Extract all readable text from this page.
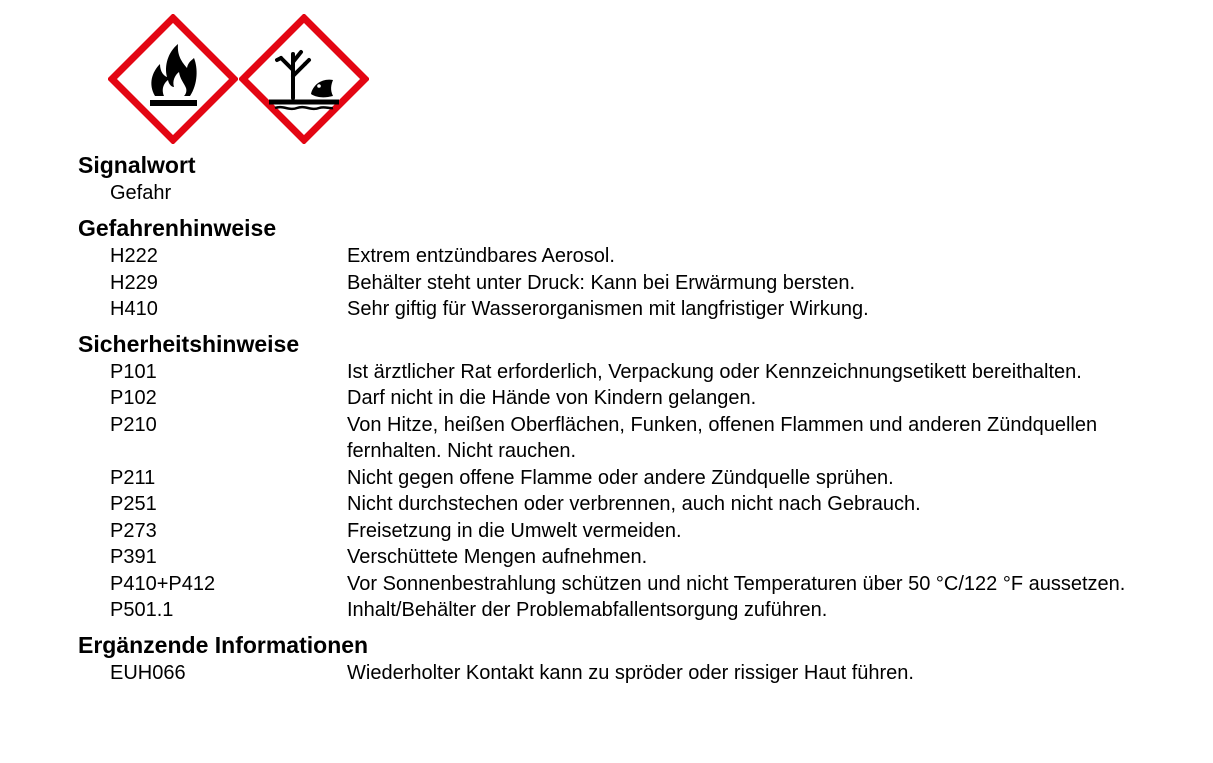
Signalwort
Gefahr
Gefahrenhinweise
H222	Extrem entzündbares Aerosol.
H229	Behälter steht unter Druck: Kann bei Erwärmung bersten.
H410	Sehr giftig für Wasserorganismen mit langfristiger Wirkung.
Sicherheitshinweise
P101	Ist ärztlicher Rat erforderlich, Verpackung oder Kennzeichnungsetikett bereithalten.
P102	Darf nicht in die Hände von Kindern gelangen.
P210	Von Hitze, heißen Oberflächen, Funken, offenen Flammen und anderen Zündquellen fernhalten. Nicht rauchen.
P211	Nicht gegen offene Flamme oder andere Zündquelle sprühen.
P251	Nicht durchstechen oder verbrennen, auch nicht nach Gebrauch.
P273	Freisetzung in die Umwelt vermeiden.
P391	Verschüttete Mengen aufnehmen.
P410+P412	Vor Sonnenbestrahlung schützen und nicht Temperaturen über 50 °C/122 °F aussetzen.
P501.1	Inhalt/Behälter der Problemabfallentsorgung zuführen.
Ergänzende Informationen
EUH066	Wiederholter Kontakt kann zu spröder oder rissiger Haut führen.
